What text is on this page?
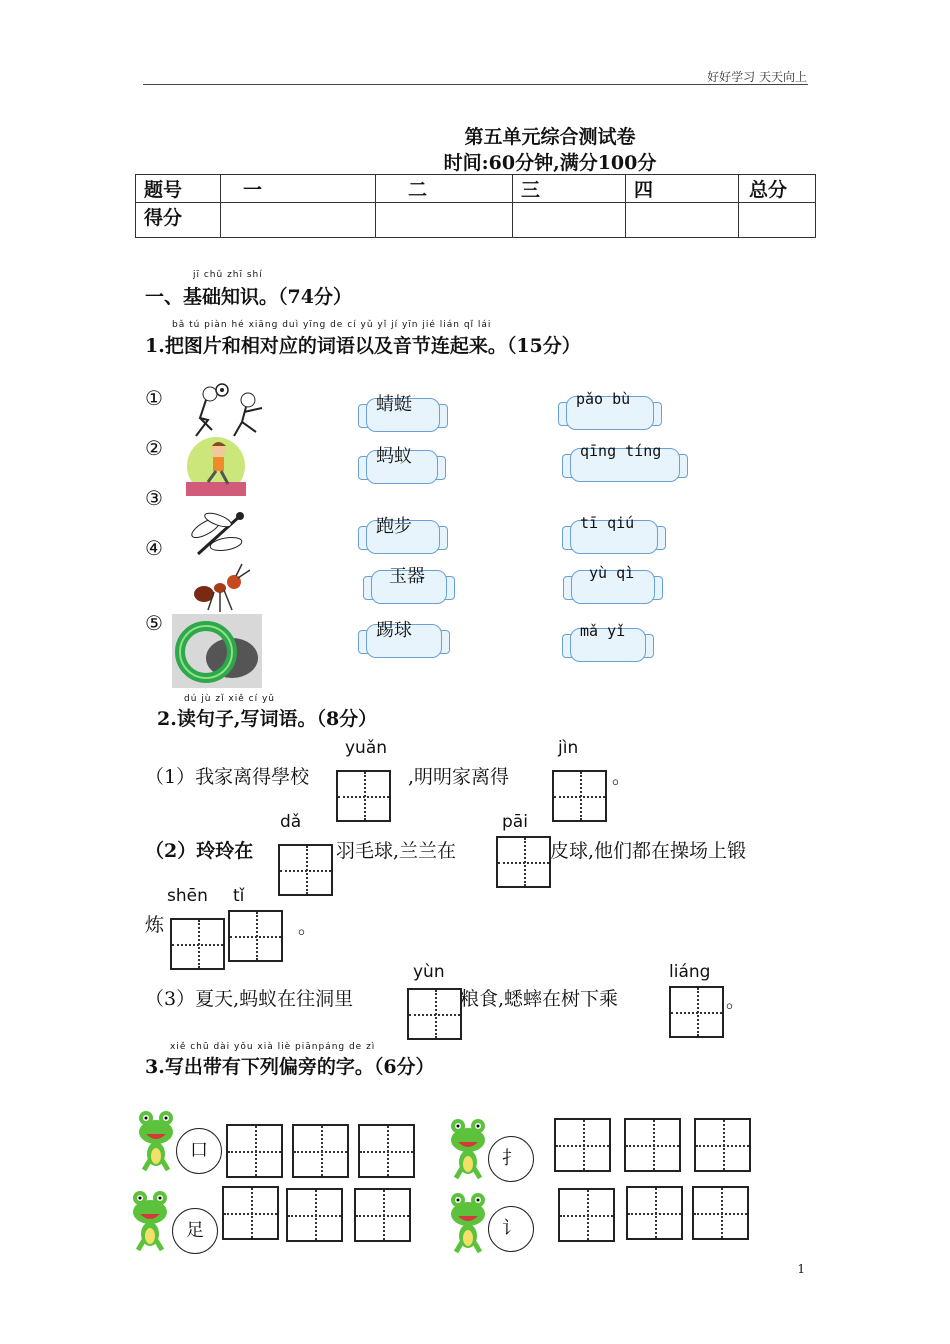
好好学习 天天向上
第五单元综合测试卷
时间:60分钟,满分100分
题号	一	二	三	四	总分
得分					
jī chǔ zhī shí
一、基础知识。（74分）
bǎ tú piàn hé xiāng duì yīng de cí yǔ yǐ jí yīn jié lián qǐ lái
1.把图片和相对应的词语以及音节连起来。（15分）
①
②
③
④
⑤
蜻蜓
蚂蚁
跑步
玉器
踢球
pǎo bù
qīng tíng
tī qiú
yù qì
mǎ yǐ
dú jù zǐ xiě cí yǔ
2.读句子,写词语。（8分）
（1）我家离得學校
yuǎn
,明明家离得
jìn
。
（2）玲玲在
dǎ
羽毛球,兰兰在
pāi
皮球,他们都在操场上锻
炼
shēn tǐ
。
（3）夏天,蚂蚁在往洞里
yùn
粮食,蟋蟀在树下乘
liáng
。
xiě chū dài yǒu xià liè piānpáng de zì
3.写出带有下列偏旁的字。（6分）
口	扌
足	讠
1
